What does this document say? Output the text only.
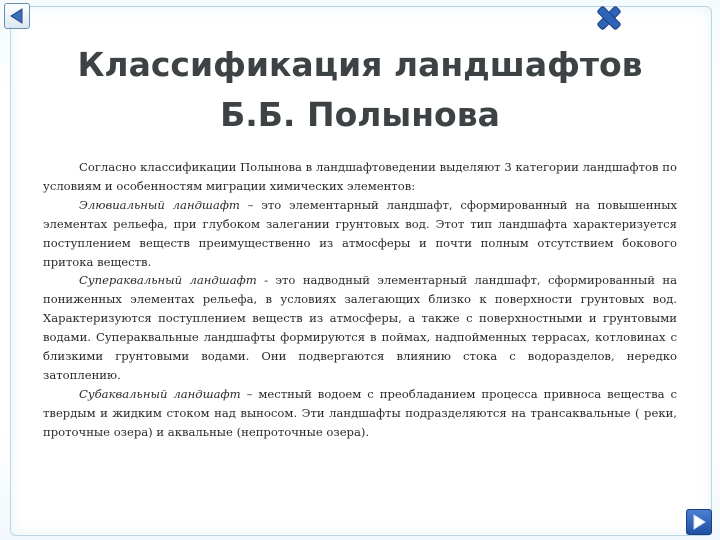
Классификация ландшафтов
Б.Б. Полынова

Согласно классификации Полынова в ландшафтоведении выделяют 3 категории ландшафтов по условиям и особенностям миграции химических элементов:

Элювиальный ландшафт – это элементарный ландшафт, сформированный на повышенных элементах рельефа, при глубоком залегании грунтовых вод. Этот тип ландшафта характеризуется поступлением веществ преимущественно из атмосферы и почти полным отсутствием бокового притока веществ.

Супераквальный ландшафт - это надводный элементарный ландшафт, сформированный на пониженных элементах рельефа, в условиях залегающих близко к поверхности грунтовых вод. Характеризуются поступлением веществ из атмосферы, а также с поверхностными и грунтовыми водами. Супераквальные ландшафты формируются в поймах, надпойменных террасах, котловинах с близкими грунтовыми водами. Они подвергаются влиянию стока с водоразделов, нередко затоплению.

Субаквальный ландшафт – местный водоем с преобладанием процесса привноса вещества с твердым и жидким стоком над выносом. Эти ландшафты подразделяются на трансаквальные ( реки, проточные озера) и аквальные (непроточные озера).
